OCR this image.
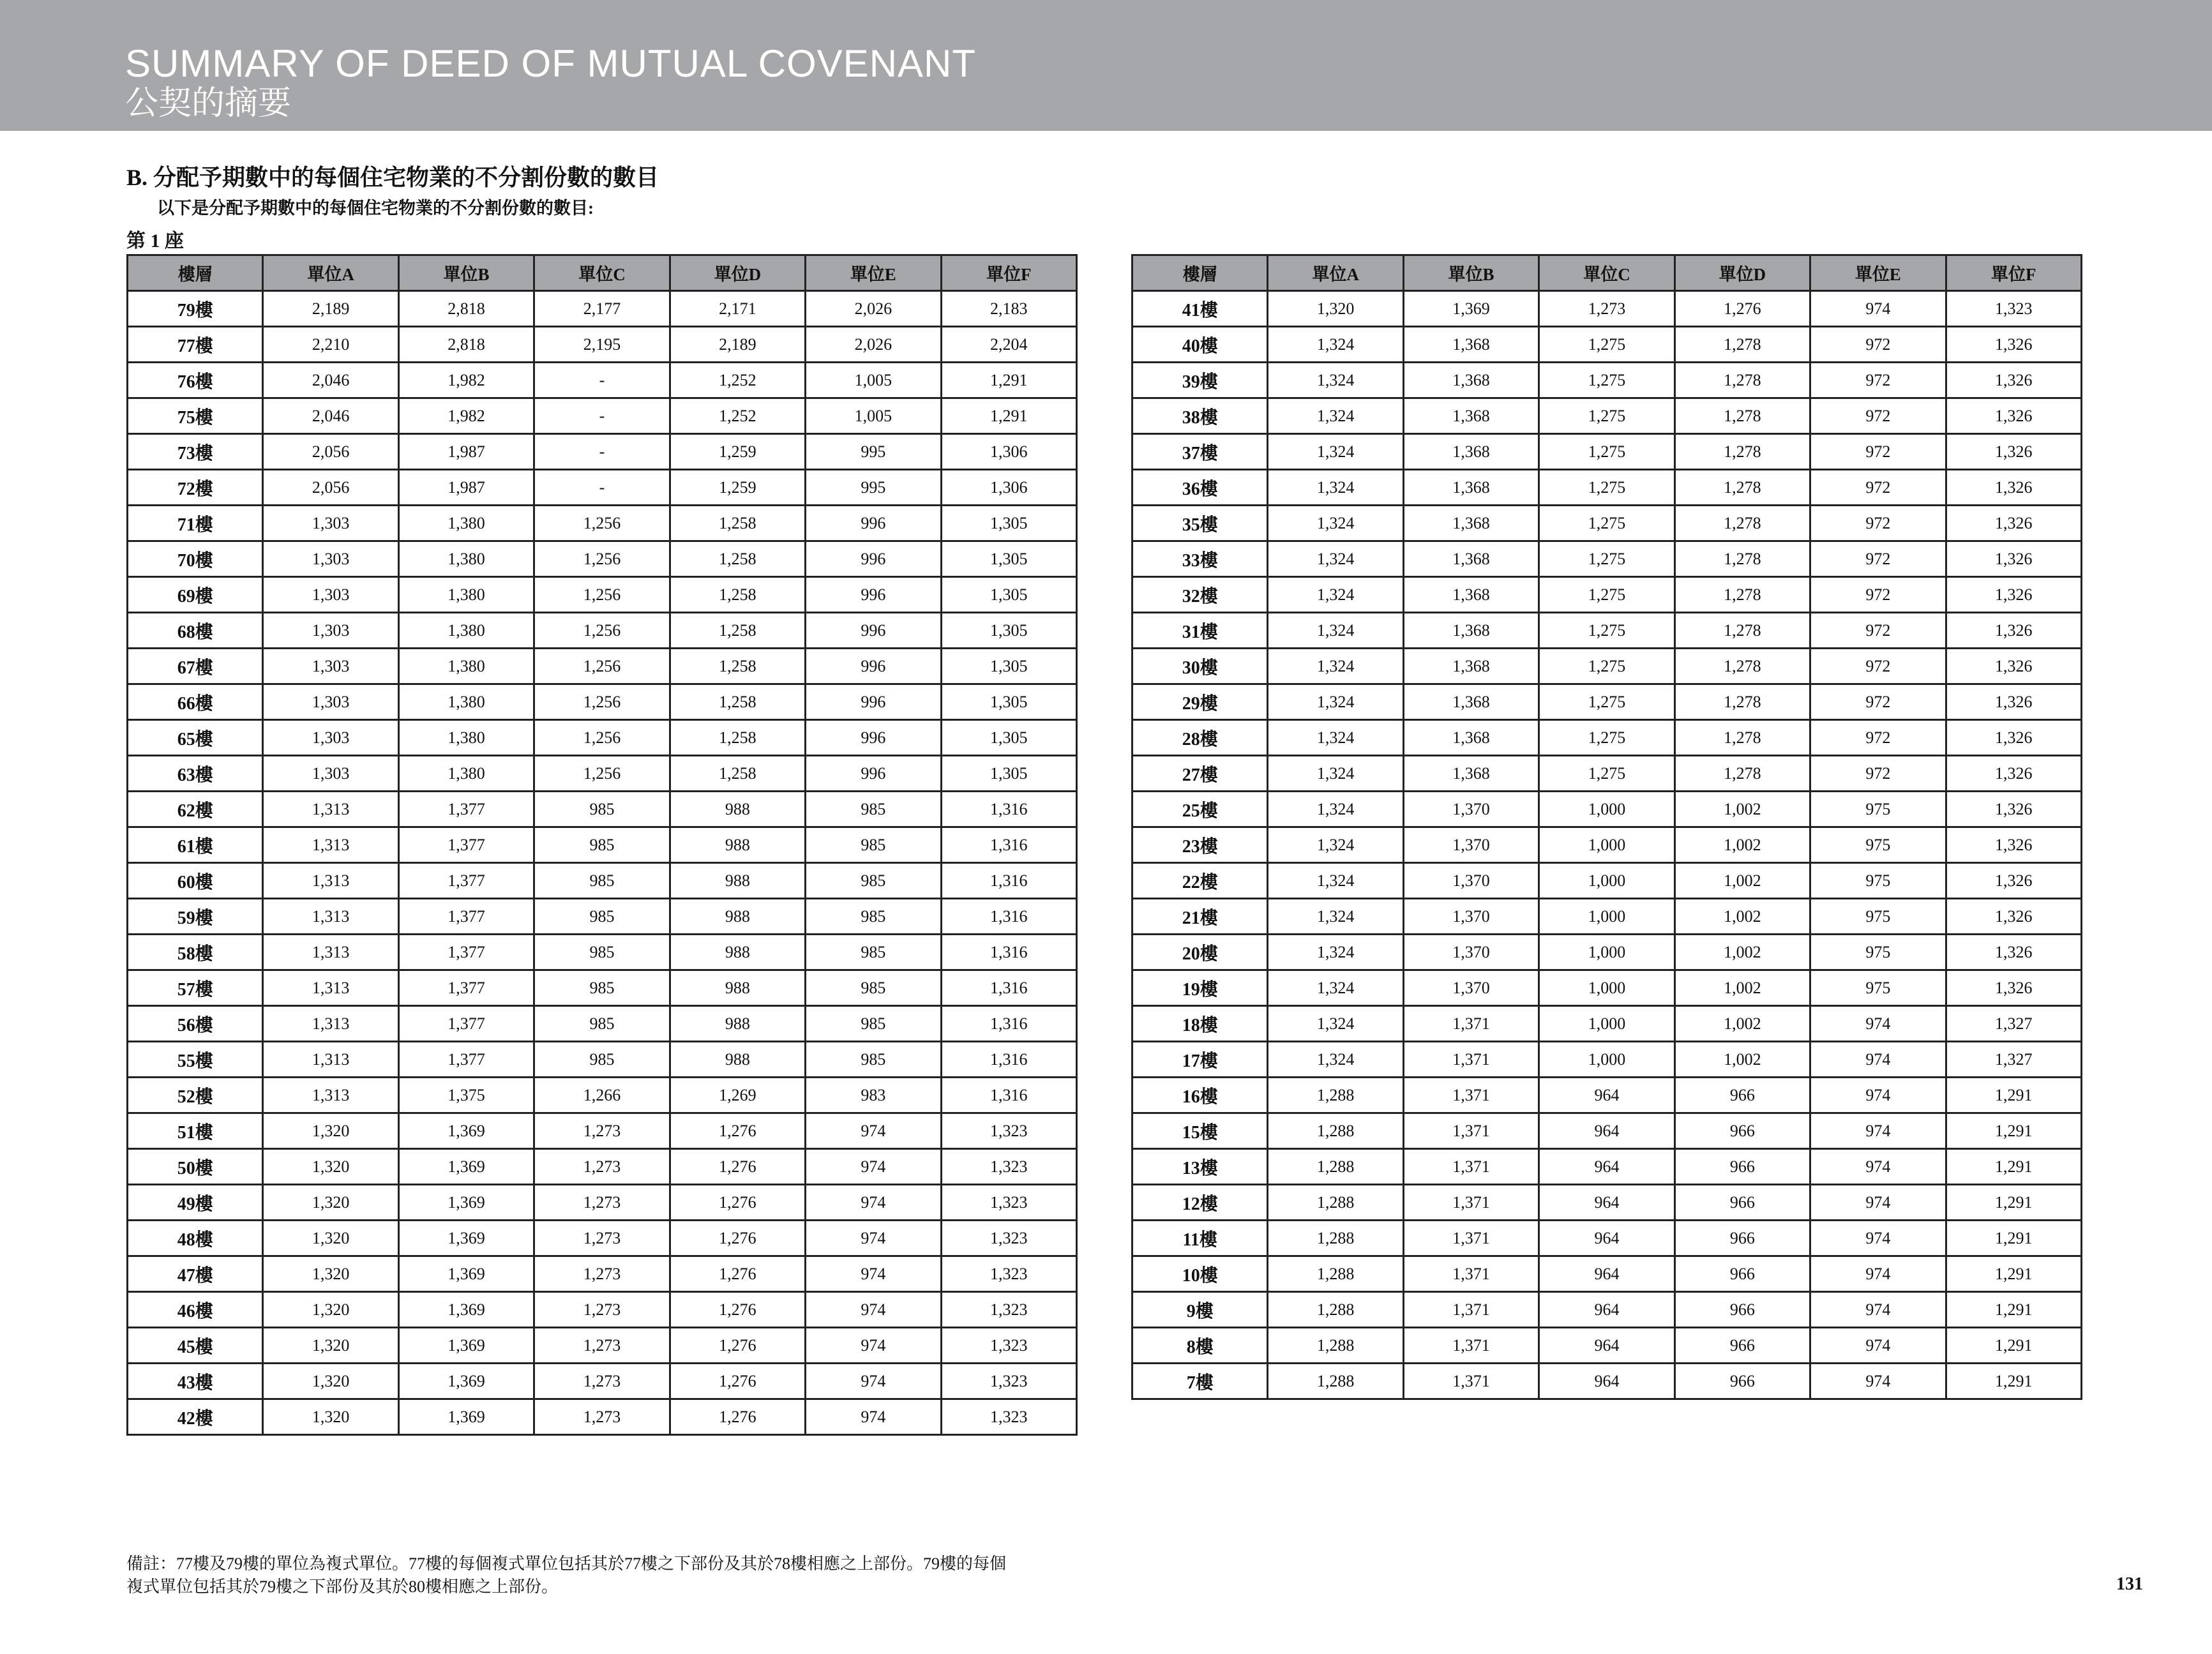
SUMMARY OF DEED OF MUTUAL COVENANT
公契的摘要
B. 分配予期數中的每個住宅物業的不分割份數的數目
以下是分配予期數中的每個住宅物業的不分割份數的數目:
第 1 座
樓層	單位A	單位B	單位C	單位D	單位E	單位F
79樓	2,189	2,818	2,177	2,171	2,026	2,183
77樓	2,210	2,818	2,195	2,189	2,026	2,204
76樓	2,046	1,982	-	1,252	1,005	1,291
75樓	2,046	1,982	-	1,252	1,005	1,291
73樓	2,056	1,987	-	1,259	995	1,306
72樓	2,056	1,987	-	1,259	995	1,306
71樓	1,303	1,380	1,256	1,258	996	1,305
70樓	1,303	1,380	1,256	1,258	996	1,305
69樓	1,303	1,380	1,256	1,258	996	1,305
68樓	1,303	1,380	1,256	1,258	996	1,305
67樓	1,303	1,380	1,256	1,258	996	1,305
66樓	1,303	1,380	1,256	1,258	996	1,305
65樓	1,303	1,380	1,256	1,258	996	1,305
63樓	1,303	1,380	1,256	1,258	996	1,305
62樓	1,313	1,377	985	988	985	1,316
61樓	1,313	1,377	985	988	985	1,316
60樓	1,313	1,377	985	988	985	1,316
59樓	1,313	1,377	985	988	985	1,316
58樓	1,313	1,377	985	988	985	1,316
57樓	1,313	1,377	985	988	985	1,316
56樓	1,313	1,377	985	988	985	1,316
55樓	1,313	1,377	985	988	985	1,316
52樓	1,313	1,375	1,266	1,269	983	1,316
51樓	1,320	1,369	1,273	1,276	974	1,323
50樓	1,320	1,369	1,273	1,276	974	1,323
49樓	1,320	1,369	1,273	1,276	974	1,323
48樓	1,320	1,369	1,273	1,276	974	1,323
47樓	1,320	1,369	1,273	1,276	974	1,323
46樓	1,320	1,369	1,273	1,276	974	1,323
45樓	1,320	1,369	1,273	1,276	974	1,323
43樓	1,320	1,369	1,273	1,276	974	1,323
42樓	1,320	1,369	1,273	1,276	974	1,323
樓層	單位A	單位B	單位C	單位D	單位E	單位F
41樓	1,320	1,369	1,273	1,276	974	1,323
40樓	1,324	1,368	1,275	1,278	972	1,326
39樓	1,324	1,368	1,275	1,278	972	1,326
38樓	1,324	1,368	1,275	1,278	972	1,326
37樓	1,324	1,368	1,275	1,278	972	1,326
36樓	1,324	1,368	1,275	1,278	972	1,326
35樓	1,324	1,368	1,275	1,278	972	1,326
33樓	1,324	1,368	1,275	1,278	972	1,326
32樓	1,324	1,368	1,275	1,278	972	1,326
31樓	1,324	1,368	1,275	1,278	972	1,326
30樓	1,324	1,368	1,275	1,278	972	1,326
29樓	1,324	1,368	1,275	1,278	972	1,326
28樓	1,324	1,368	1,275	1,278	972	1,326
27樓	1,324	1,368	1,275	1,278	972	1,326
25樓	1,324	1,370	1,000	1,002	975	1,326
23樓	1,324	1,370	1,000	1,002	975	1,326
22樓	1,324	1,370	1,000	1,002	975	1,326
21樓	1,324	1,370	1,000	1,002	975	1,326
20樓	1,324	1,370	1,000	1,002	975	1,326
19樓	1,324	1,370	1,000	1,002	975	1,326
18樓	1,324	1,371	1,000	1,002	974	1,327
17樓	1,324	1,371	1,000	1,002	974	1,327
16樓	1,288	1,371	964	966	974	1,291
15樓	1,288	1,371	964	966	974	1,291
13樓	1,288	1,371	964	966	974	1,291
12樓	1,288	1,371	964	966	974	1,291
11樓	1,288	1,371	964	966	974	1,291
10樓	1,288	1,371	964	966	974	1,291
9樓	1,288	1,371	964	966	974	1,291
8樓	1,288	1,371	964	966	974	1,291
7樓	1,288	1,371	964	966	974	1,291
備註：77樓及79樓的單位為複式單位。77樓的每個複式單位包括其於77樓之下部份及其於78樓相應之上部份。79樓的每個
複式單位包括其於79樓之下部份及其於80樓相應之上部份。	131
